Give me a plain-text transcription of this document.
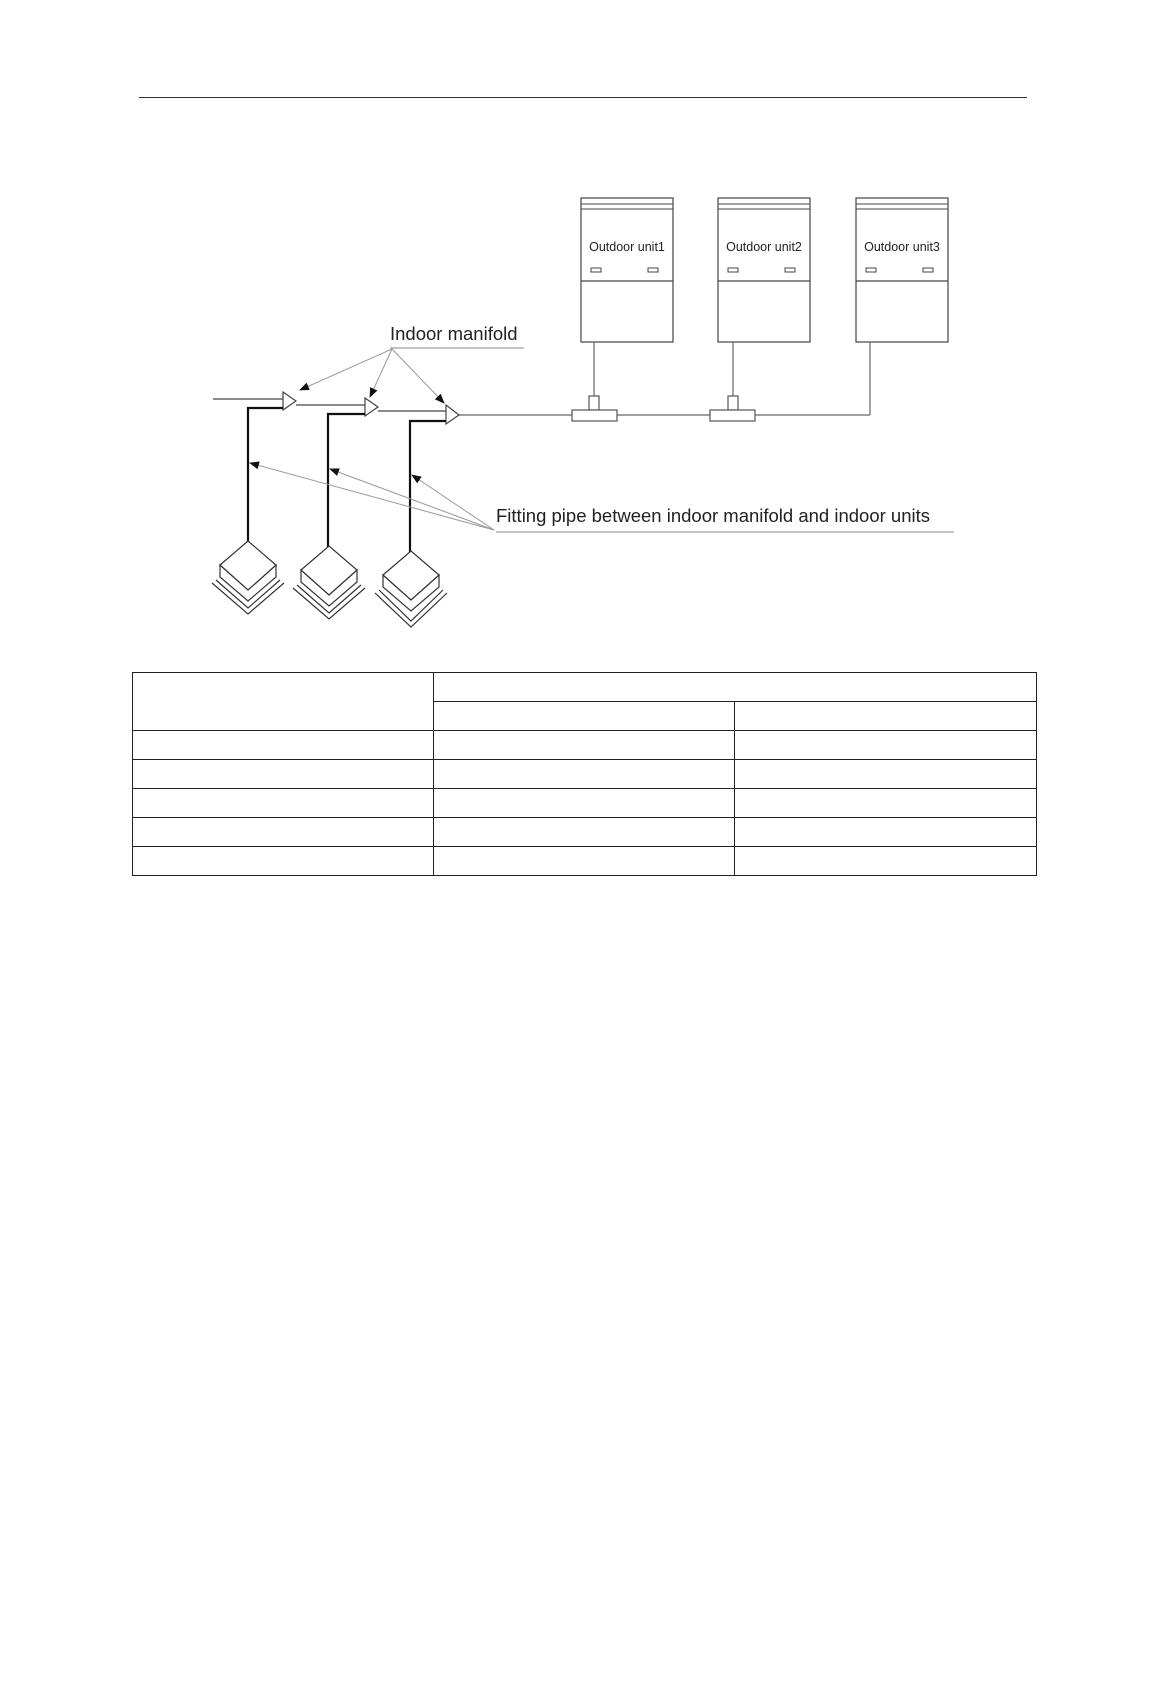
Outdoor unit1	Outdoor unit2	Outdoor unit3
Indoor manifold
Fitting pipe between indoor manifold and indoor units
